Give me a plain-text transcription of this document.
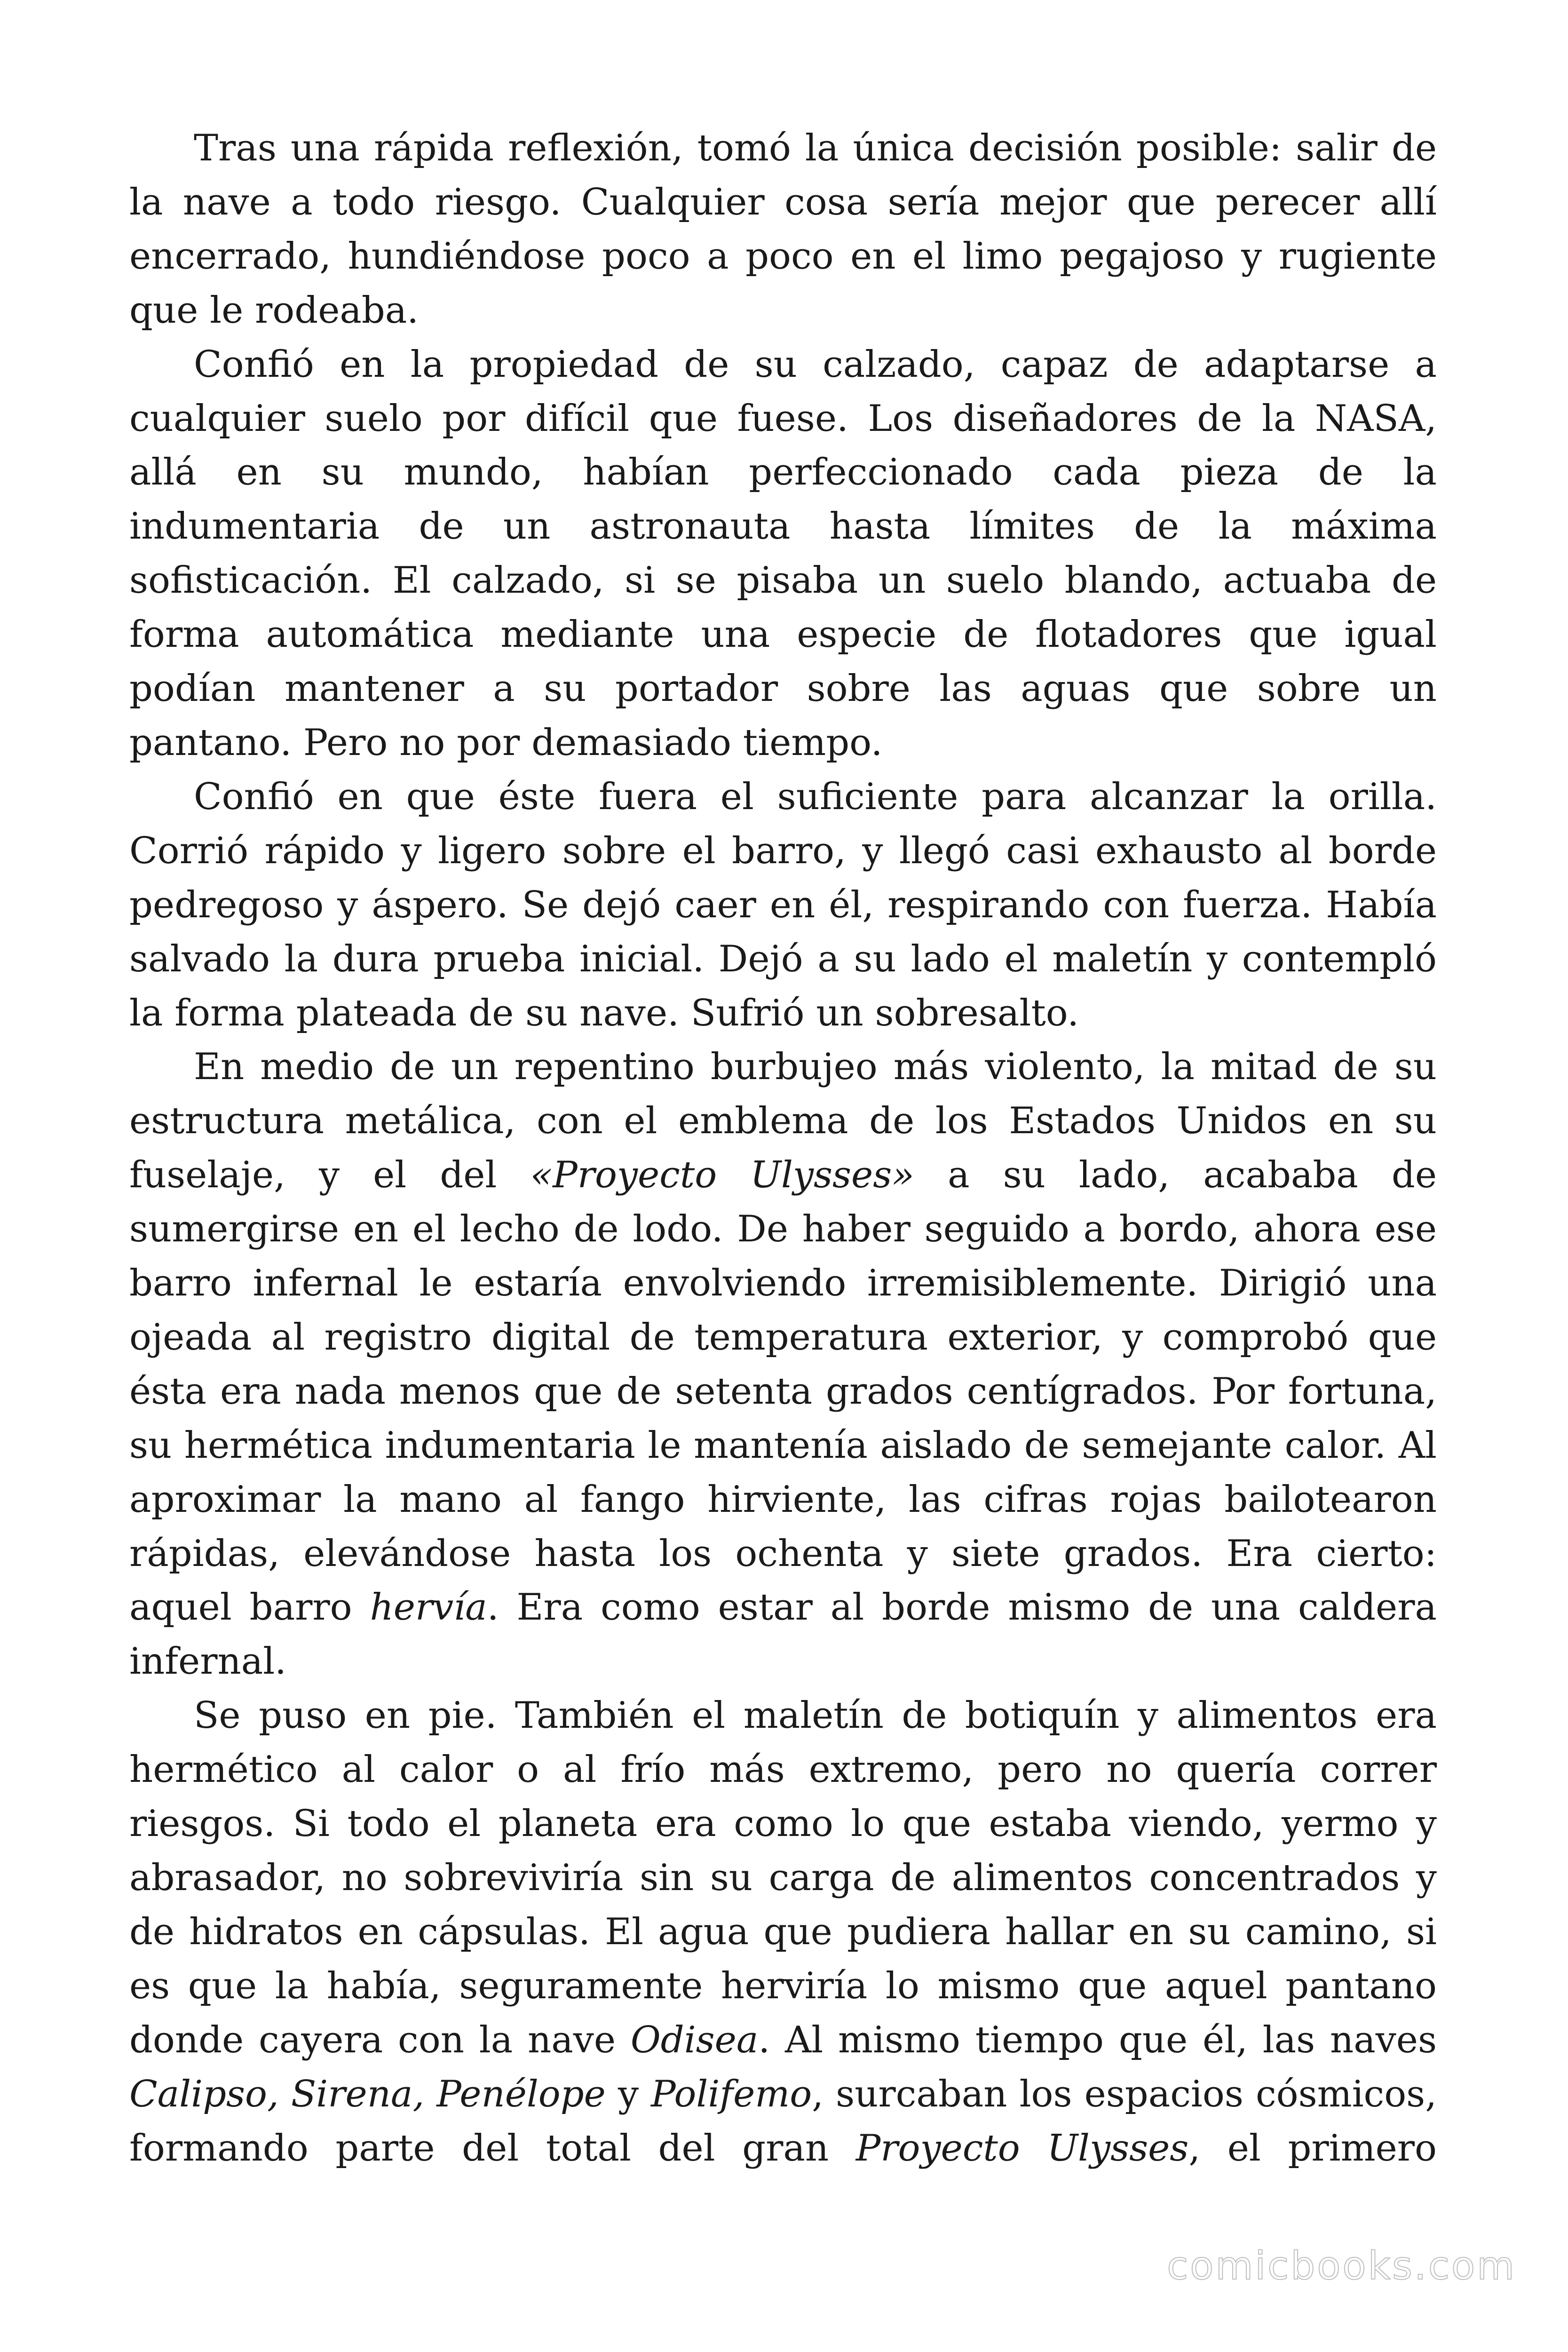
Tras una rápida reflexión, tomó la única decisión posible: salir de la nave a todo riesgo. Cualquier cosa sería mejor que perecer allí encerrado, hundiéndose poco a poco en el limo pegajoso y rugiente que le rodeaba.

Confió en la propiedad de su calzado, capaz de adaptarse a cualquier suelo por difícil que fuese. Los diseñadores de la NASA, allá en su mundo, habían perfeccionado cada pieza de la indumentaria de un astronauta hasta límites de la máxima sofisticación. El calzado, si se pisaba un suelo blando, actuaba de forma automática mediante una especie de flotadores que igual podían mantener a su portador sobre las aguas que sobre un pantano. Pero no por demasiado tiempo.

Confió en que éste fuera el suficiente para alcanzar la orilla. Corrió rápido y ligero sobre el barro, y llegó casi exhausto al borde pedregoso y áspero. Se dejó caer en él, respirando con fuerza. Había salvado la dura prueba inicial. Dejó a su lado el maletín y contempló la forma plateada de su nave. Sufrió un sobresalto.

En medio de un repentino burbujeo más violento, la mitad de su estructura metálica, con el emblema de los Estados Unidos en su fuselaje, y el del «Proyecto Ulysses» a su lado, acababa de sumergirse en el lecho de lodo. De haber seguido a bordo, ahora ese barro infernal le estaría envolviendo irremisiblemente. Dirigió una ojeada al registro digital de temperatura exterior, y comprobó que ésta era nada menos que de setenta grados centígrados. Por fortuna, su hermética indumentaria le mantenía aislado de semejante calor. Al aproximar la mano al fango hirviente, las cifras rojas bailotearon rápidas, elevándose hasta los ochenta y siete grados. Era cierto: aquel barro hervía. Era como estar al borde mismo de una caldera infernal.

Se puso en pie. También el maletín de botiquín y alimentos era hermético al calor o al frío más extremo, pero no quería correr riesgos. Si todo el planeta era como lo que estaba viendo, yermo y abrasador, no sobreviviría sin su carga de alimentos concentrados y de hidratos en cápsulas. El agua que pudiera hallar en su camino, si es que la había, seguramente herviría lo mismo que aquel pantano donde cayera con la nave Odisea. Al mismo tiempo que él, las naves Calipso, Sirena, Penélope y Polifemo, surcaban los espacios cósmicos, formando parte del total del gran Proyecto Ulysses, el primero

comicbooks.com
